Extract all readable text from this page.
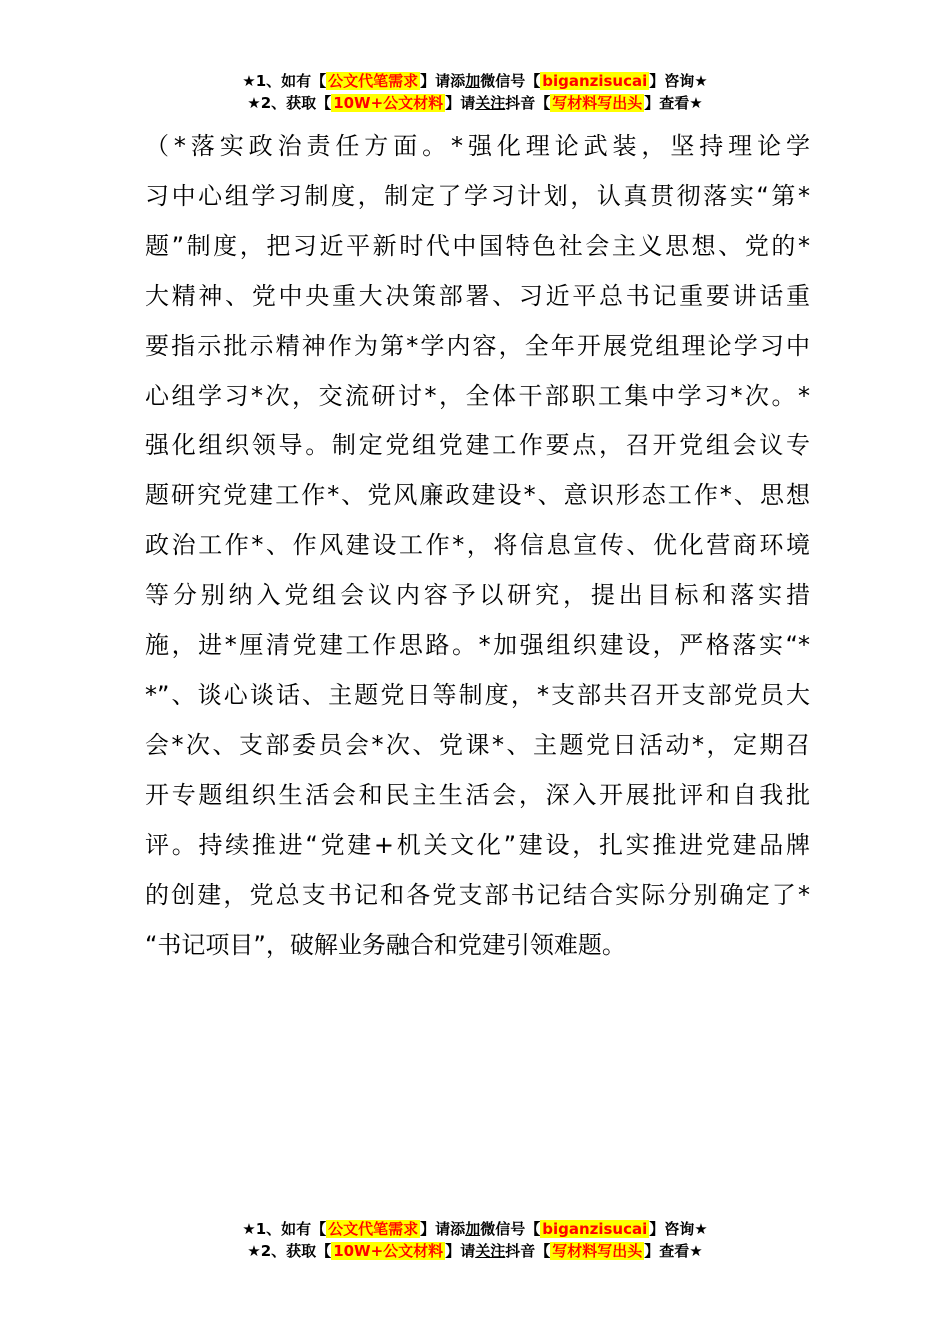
★1、如有【 公文代笔需求 】请添加微信号【 biganzisucai 】咨询★
★2、获取【 10W+公文材料 】请关注抖音【 写材料写出头 】查看★
（*落实政治责任方面。*强化理论武装，坚持理论学
习中心组学习制度，制定了学习计划，认真贯彻落实“第*
题”制度，把习近平新时代中国特色社会主义思想、党的*
大精神、党中央重大决策部署、习近平总书记重要讲话重
要指示批示精神作为第*学内容，全年开展党组理论学习中
心组学习*次，交流研讨*，全体干部职工集中学习*次。*
强化组织领导。制定党组党建工作要点，召开党组会议专
题研究党建工作*、党风廉政建设*、意识形态工作*、思想
政治工作*、作风建设工作*，将信息宣传、优化营商环境
等分别纳入党组会议内容予以研究，提出目标和落实措
施，进*厘清党建工作思路。*加强组织建设，严格落实“*
*”、谈心谈话、主题党日等制度，*支部共召开支部党员大
会*次、支部委员会*次、党课*、主题党日活动*，定期召
开专题组织生活会和民主生活会，深入开展批评和自我批
评。持续推进“党建+机关文化”建设，扎实推进党建品牌
的创建，党总支书记和各党支部书记结合实际分别确定了*
“书记项目”，破解业务融合和党建引领难题。
★1、如有【 公文代笔需求 】请添加微信号【 biganzisucai 】咨询★
★2、获取【 10W+公文材料 】请关注抖音【 写材料写出头 】查看★
